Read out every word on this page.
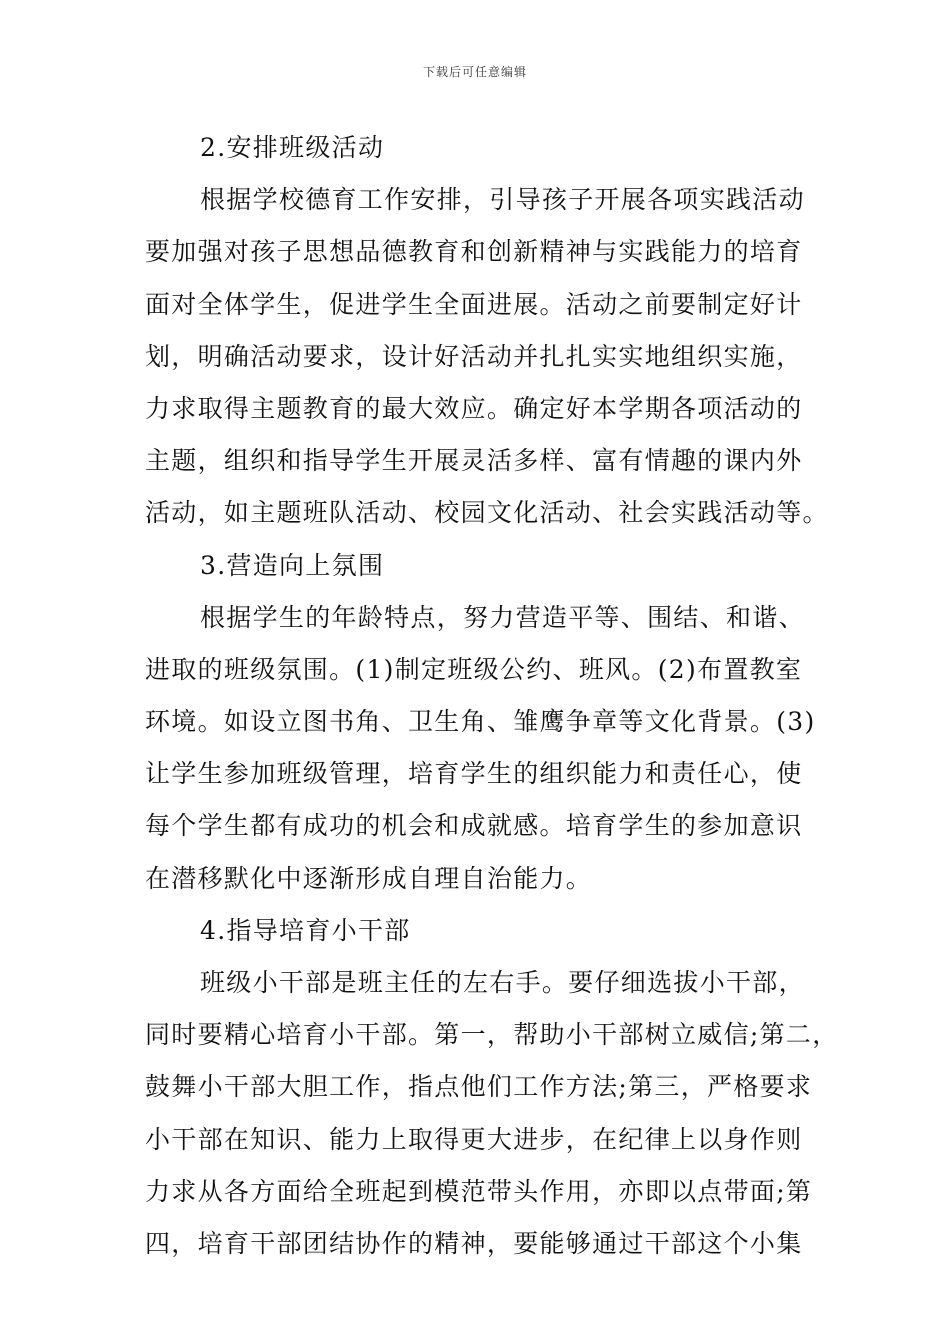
下载后可任意编辑
2.安排班级活动
根据学校德育工作安排，引导孩子开展各项实践活动
要加强对孩子思想品德教育和创新精神与实践能力的培育
面对全体学生，促进学生全面进展。活动之前要制定好计
划，明确活动要求，设计好活动并扎扎实实地组织实施，
力求取得主题教育的最大效应。确定好本学期各项活动的
主题，组织和指导学生开展灵活多样、富有情趣的课内外
活动，如主题班队活动、校园文化活动、社会实践活动等。
3.营造向上氛围
根据学生的年龄特点，努力营造平等、围结、和谐、
进取的班级氛围。(1)制定班级公约、班风。(2)布置教室
环境。如设立图书角、卫生角、雏鹰争章等文化背景。(3)
让学生参加班级管理，培育学生的组织能力和责任心，使
每个学生都有成功的机会和成就感。培育学生的参加意识
在潜移默化中逐渐形成自理自治能力。
4.指导培育小干部
班级小干部是班主任的左右手。要仔细选拔小干部，
同时要精心培育小干部。第一，帮助小干部树立威信;第二，
鼓舞小干部大胆工作，指点他们工作方法;第三，严格要求
小干部在知识、能力上取得更大进步，在纪律上以身作则
力求从各方面给全班起到模范带头作用，亦即以点带面;第
四，培育干部团结协作的精神，要能够通过干部这个小集
